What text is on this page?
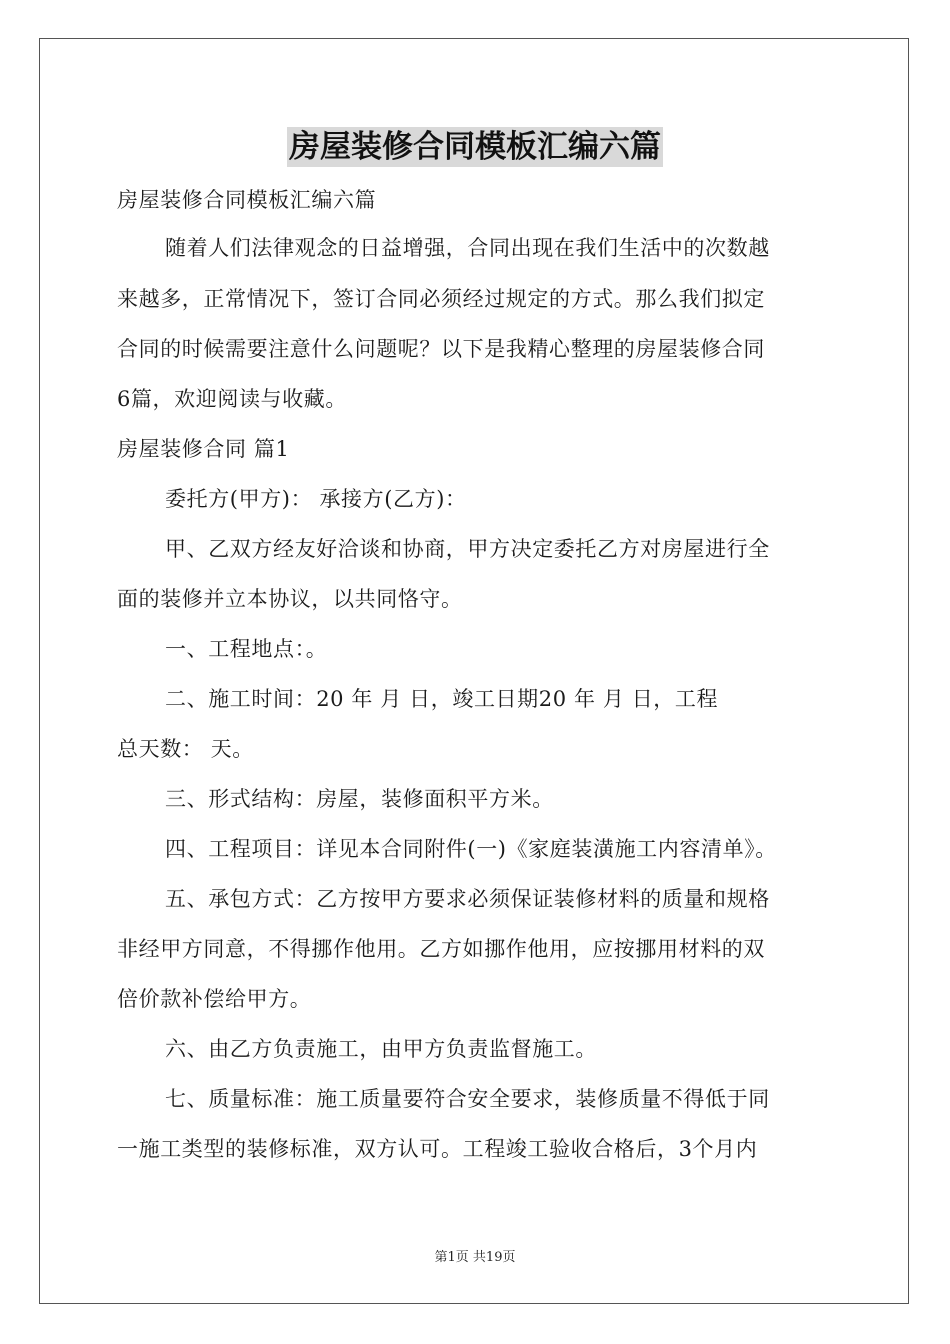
房屋装修合同模板汇编六篇
房屋装修合同模板汇编六篇
随着人们法律观念的日益增强，合同出现在我们生活中的次数越
来越多，正常情况下，签订合同必须经过规定的方式。那么我们拟定
合同的时候需要注意什么问题呢？以下是我精心整理的房屋装修合同
6篇，欢迎阅读与收藏。
房屋装修合同 篇1
委托方(甲方)： 承接方(乙方)：
甲、乙双方经友好洽谈和协商，甲方决定委托乙方对房屋进行全
面的装修并立本协议，以共同恪守。
一、工程地点：。
二、施工时间：20 年 月 日，竣工日期20 年 月 日，工程
总天数： 天。
三、形式结构：房屋，装修面积平方米。
四、工程项目：详见本合同附件(一)《家庭装潢施工内容清单》。
五、承包方式：乙方按甲方要求必须保证装修材料的质量和规格
非经甲方同意，不得挪作他用。乙方如挪作他用，应按挪用材料的双
倍价款补偿给甲方。
六、由乙方负责施工，由甲方负责监督施工。
七、质量标准：施工质量要符合安全要求，装修质量不得低于同
一施工类型的装修标准，双方认可。工程竣工验收合格后，3个月内
第1页 共19页
